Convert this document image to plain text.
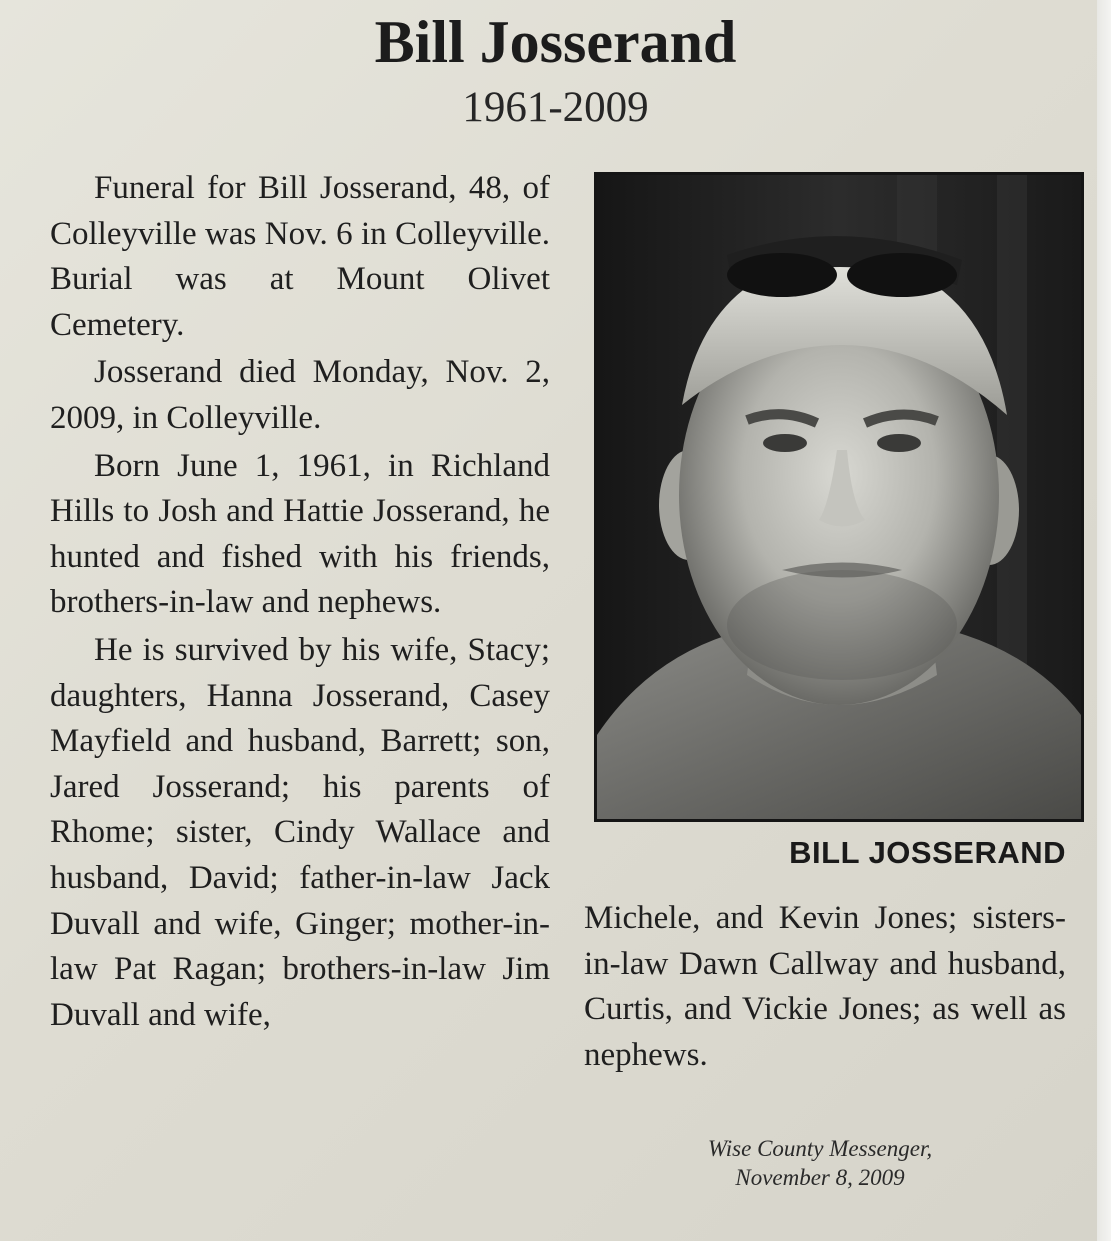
Bill Josserand
1961-2009

Funeral for Bill Josserand, 48, of Colleyville was Nov. 6 in Colleyville. Burial was at Mount Olivet Cemetery.

Josserand died Monday, Nov. 2, 2009, in Colleyville.

Born June 1, 1961, in Richland Hills to Josh and Hattie Josserand, he hunted and fished with his friends, brothers-in-law and nephews.

He is survived by his wife, Stacy; daughters, Hanna Josserand, Casey Mayfield and husband, Barrett; son, Jared Josserand; his parents of Rhome; sister, Cindy Wallace and husband, David; father-in-law Jack Duvall and wife, Ginger; mother-in-law Pat Ragan; brothers-in-law Jim Duvall and wife,

BILL JOSSERAND

Michele, and Kevin Jones; sisters-in-law Dawn Callway and husband, Curtis, and Vickie Jones; as well as nephews.

Wise County Messenger,
November 8, 2009
